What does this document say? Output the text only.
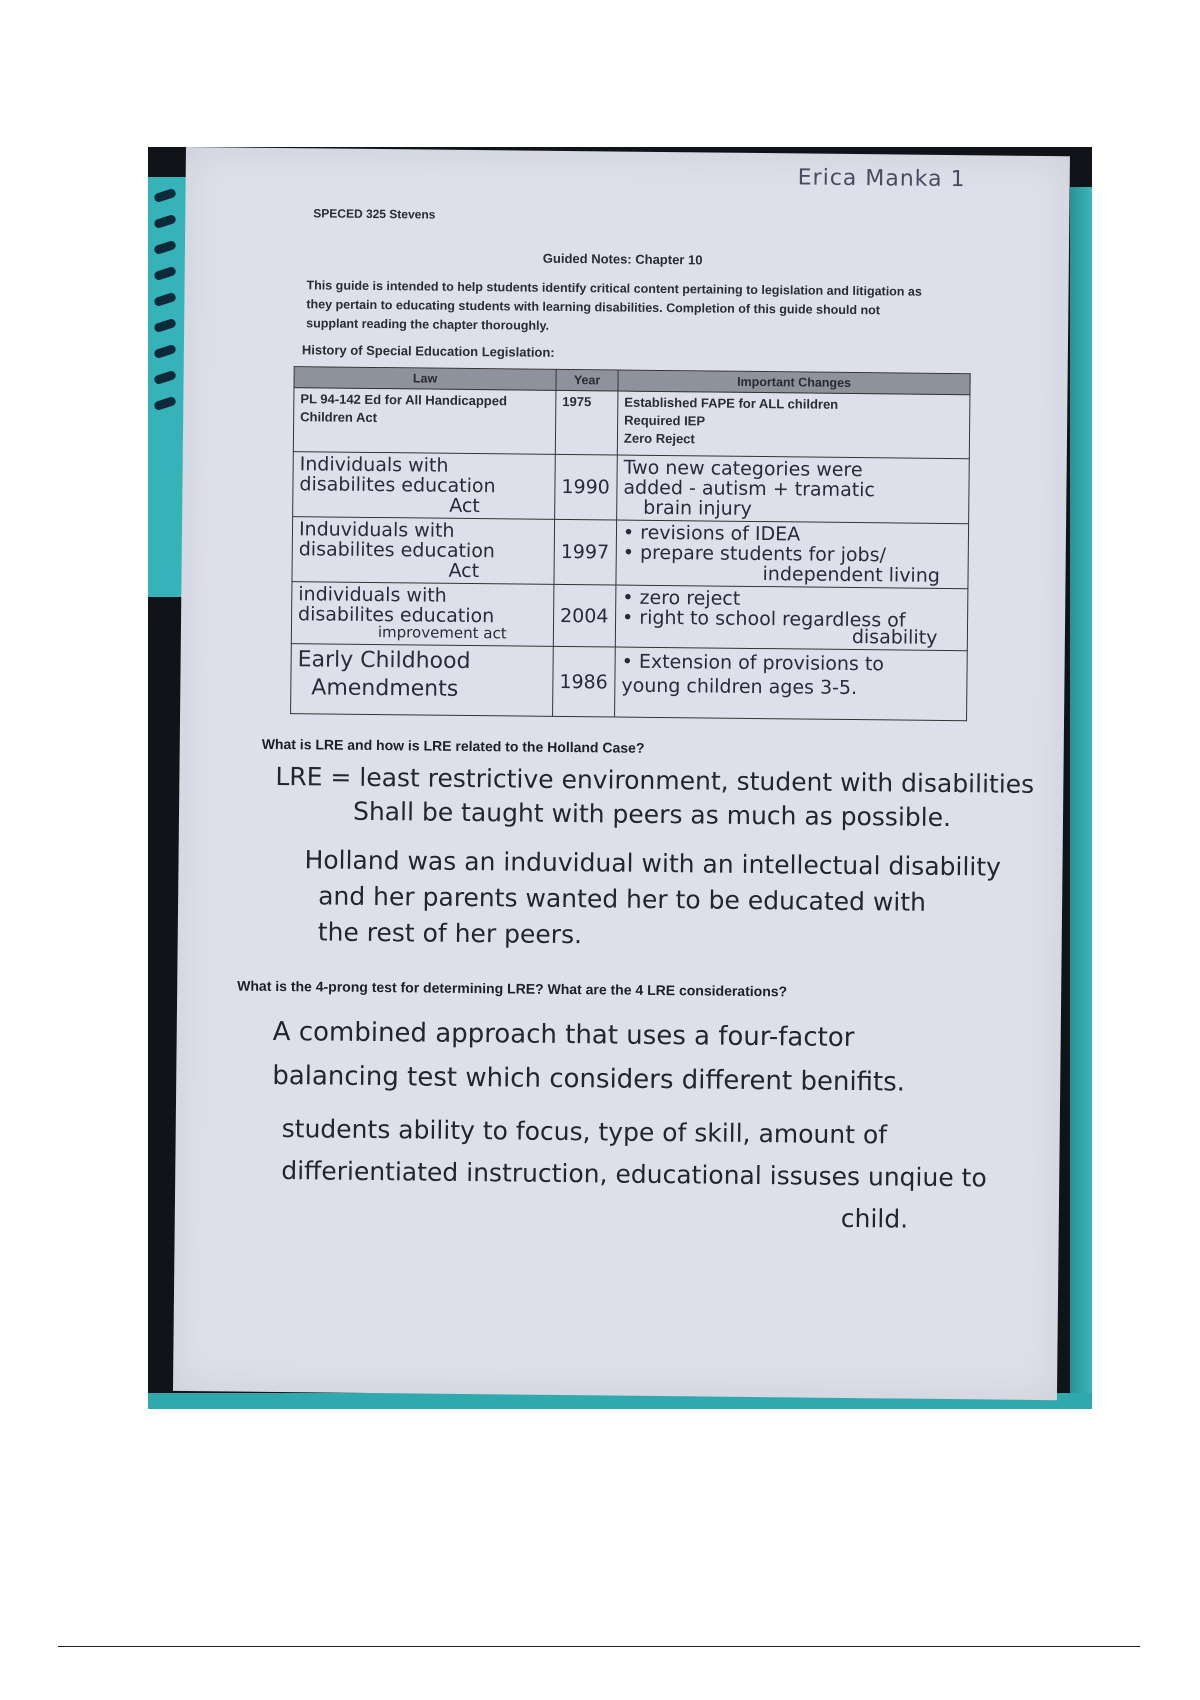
Erica Manka 1
SPECED 325 Stevens
Guided Notes: Chapter 10
This guide is intended to help students identify critical content pertaining to legislation and litigation as they pertain to educating students with learning disabilities. Completion of this guide should not supplant reading the chapter thoroughly.
History of Special Education Legislation:
Law	Year	Important Changes

PL 94-142 Ed for All Handicapped
Children Act	1975	Established FAPE for ALL children
Required IEP
Zero Reject

Individuals with
disabilites education
Act	1990	Two new categories were
added - autism + tramatic
brain injury

Induviduals with
disabilites education
Act	1997	• revisions of IDEA
• prepare students for jobs/
independent living

individuals with
disabilites education
improvement act	2004	• zero reject
• right to school regardless of
disability

Early Childhood
Amendments	1986	• Extension of provisions to
young children ages 3-5.
What is LRE and how is LRE related to the Holland Case?
LRE = least restrictive environment, student with disabilities
Shall be taught with peers as much as possible.
Holland was an induvidual with an intellectual disability
and her parents wanted her to be educated with
the rest of her peers.
What is the 4-prong test for determining LRE? What are the 4 LRE considerations?
A combined approach that uses a four-factor
balancing test which considers different benifits.
students ability to focus, type of skill, amount of
differientiated instruction, educational issuses unqiue to
child.
